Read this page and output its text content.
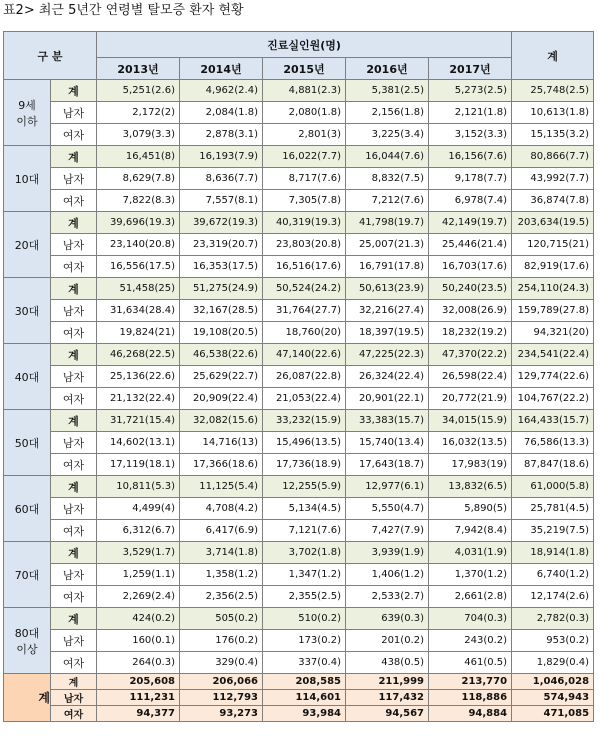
표2> 최근 5년간 연령별 탈모증 환자 현황
구 분		진료실인원(명)					계
		2013년	2014년	2015년	2016년	2017년	
9세
이하	계	5,251(2.6)	4,962(2.4)	4,881(2.3)	5,381(2.5)	5,273(2.5)	25,748(2.5)
	남자	2,172(2)	2,084(1.8)	2,080(1.8)	2,156(1.8)	2,121(1.8)	10,613(1.8)
	여자	3,079(3.3)	2,878(3.1)	2,801(3)	3,225(3.4)	3,152(3.3)	15,135(3.2)
10대	계	16,451(8)	16,193(7.9)	16,022(7.7)	16,044(7.6)	16,156(7.6)	80,866(7.7)
	남자	8,629(7.8)	8,636(7.7)	8,717(7.6)	8,832(7.5)	9,178(7.7)	43,992(7.7)
	여자	7,822(8.3)	7,557(8.1)	7,305(7.8)	7,212(7.6)	6,978(7.4)	36,874(7.8)
20대	계	39,696(19.3)	39,672(19.3)	40,319(19.3)	41,798(19.7)	42,149(19.7)	203,634(19.5)
	남자	23,140(20.8)	23,319(20.7)	23,803(20.8)	25,007(21.3)	25,446(21.4)	120,715(21)
	여자	16,556(17.5)	16,353(17.5)	16,516(17.6)	16,791(17.8)	16,703(17.6)	82,919(17.6)
30대	계	51,458(25)	51,275(24.9)	50,524(24.2)	50,613(23.9)	50,240(23.5)	254,110(24.3)
	남자	31,634(28.4)	32,167(28.5)	31,764(27.7)	32,216(27.4)	32,008(26.9)	159,789(27.8)
	여자	19,824(21)	19,108(20.5)	18,760(20)	18,397(19.5)	18,232(19.2)	94,321(20)
40대	계	46,268(22.5)	46,538(22.6)	47,140(22.6)	47,225(22.3)	47,370(22.2)	234,541(22.4)
	남자	25,136(22.6)	25,629(22.7)	26,087(22.8)	26,324(22.4)	26,598(22.4)	129,774(22.6)
	여자	21,132(22.4)	20,909(22.4)	21,053(22.4)	20,901(22.1)	20,772(21.9)	104,767(22.2)
50대	계	31,721(15.4)	32,082(15.6)	33,232(15.9)	33,383(15.7)	34,015(15.9)	164,433(15.7)
	남자	14,602(13.1)	14,716(13)	15,496(13.5)	15,740(13.4)	16,032(13.5)	76,586(13.3)
	여자	17,119(18.1)	17,366(18.6)	17,736(18.9)	17,643(18.7)	17,983(19)	87,847(18.6)
60대	계	10,811(5.3)	11,125(5.4)	12,255(5.9)	12,977(6.1)	13,832(6.5)	61,000(5.8)
	남자	4,499(4)	4,708(4.2)	5,134(4.5)	5,550(4.7)	5,890(5)	25,781(4.5)
	여자	6,312(6.7)	6,417(6.9)	7,121(7.6)	7,427(7.9)	7,942(8.4)	35,219(7.5)
70대	계	3,529(1.7)	3,714(1.8)	3,702(1.8)	3,939(1.9)	4,031(1.9)	18,914(1.8)
	남자	1,259(1.1)	1,358(1.2)	1,347(1.2)	1,406(1.2)	1,370(1.2)	6,740(1.2)
	여자	2,269(2.4)	2,356(2.5)	2,355(2.5)	2,533(2.7)	2,661(2.8)	12,174(2.6)
80대
이상	계	424(0.2)	505(0.2)	510(0.2)	639(0.3)	704(0.3)	2,782(0.3)
	남자	160(0.1)	176(0.2)	173(0.2)	201(0.2)	243(0.2)	953(0.2)
	여자	264(0.3)	329(0.4)	337(0.4)	438(0.5)	461(0.5)	1,829(0.4)
계	계	205,608	206,066	208,585	211,999	213,770	1,046,028
	남자	111,231	112,793	114,601	117,432	118,886	574,943
	여자	94,377	93,273	93,984	94,567	94,884	471,085
